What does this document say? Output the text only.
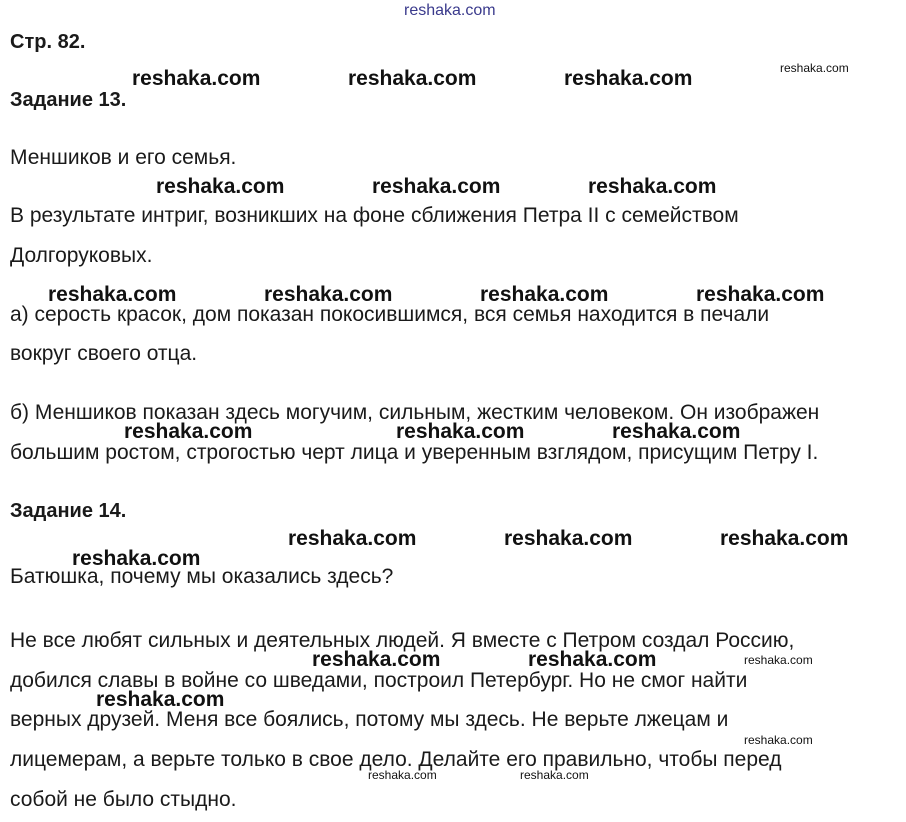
reshaka.com

Стр. 82.

Задание 13.

Меншиков и его семья.

В результате интриг, возникших на фоне сближения Петра II с семейством

Долгоруковых.

а) серость красок, дом показан покосившимся, вся семья находится в печали

вокруг своего отца.

б) Меншиков показан здесь могучим, сильным, жестким человеком. Он изображен

большим ростом, строгостью черт лица и уверенным взглядом, присущим Петру I.

Задание 14.

Батюшка, почему мы оказались здесь?

Не все любят сильных и деятельных людей. Я вместе с Петром создал Россию,

добился славы в войне со шведами, построил Петербург. Но не смог найти

верных друзей. Меня все боялись, потому мы здесь. Не верьте лжецам и

лицемерам, а верьте только в свое дело. Делайте его правильно, чтобы перед

собой не было стыдно.

reshaka.com	reshaka.com	reshaka.com
reshaka.com	reshaka.com	reshaka.com
reshaka.com	reshaka.com	reshaka.com	reshaka.com
reshaka.com	reshaka.com	reshaka.com
reshaka.com	reshaka.com	reshaka.com
reshaka.com
reshaka.com	reshaka.com
reshaka.com
reshaka.com
reshaka.com
reshaka.com
reshaka.com	reshaka.com
